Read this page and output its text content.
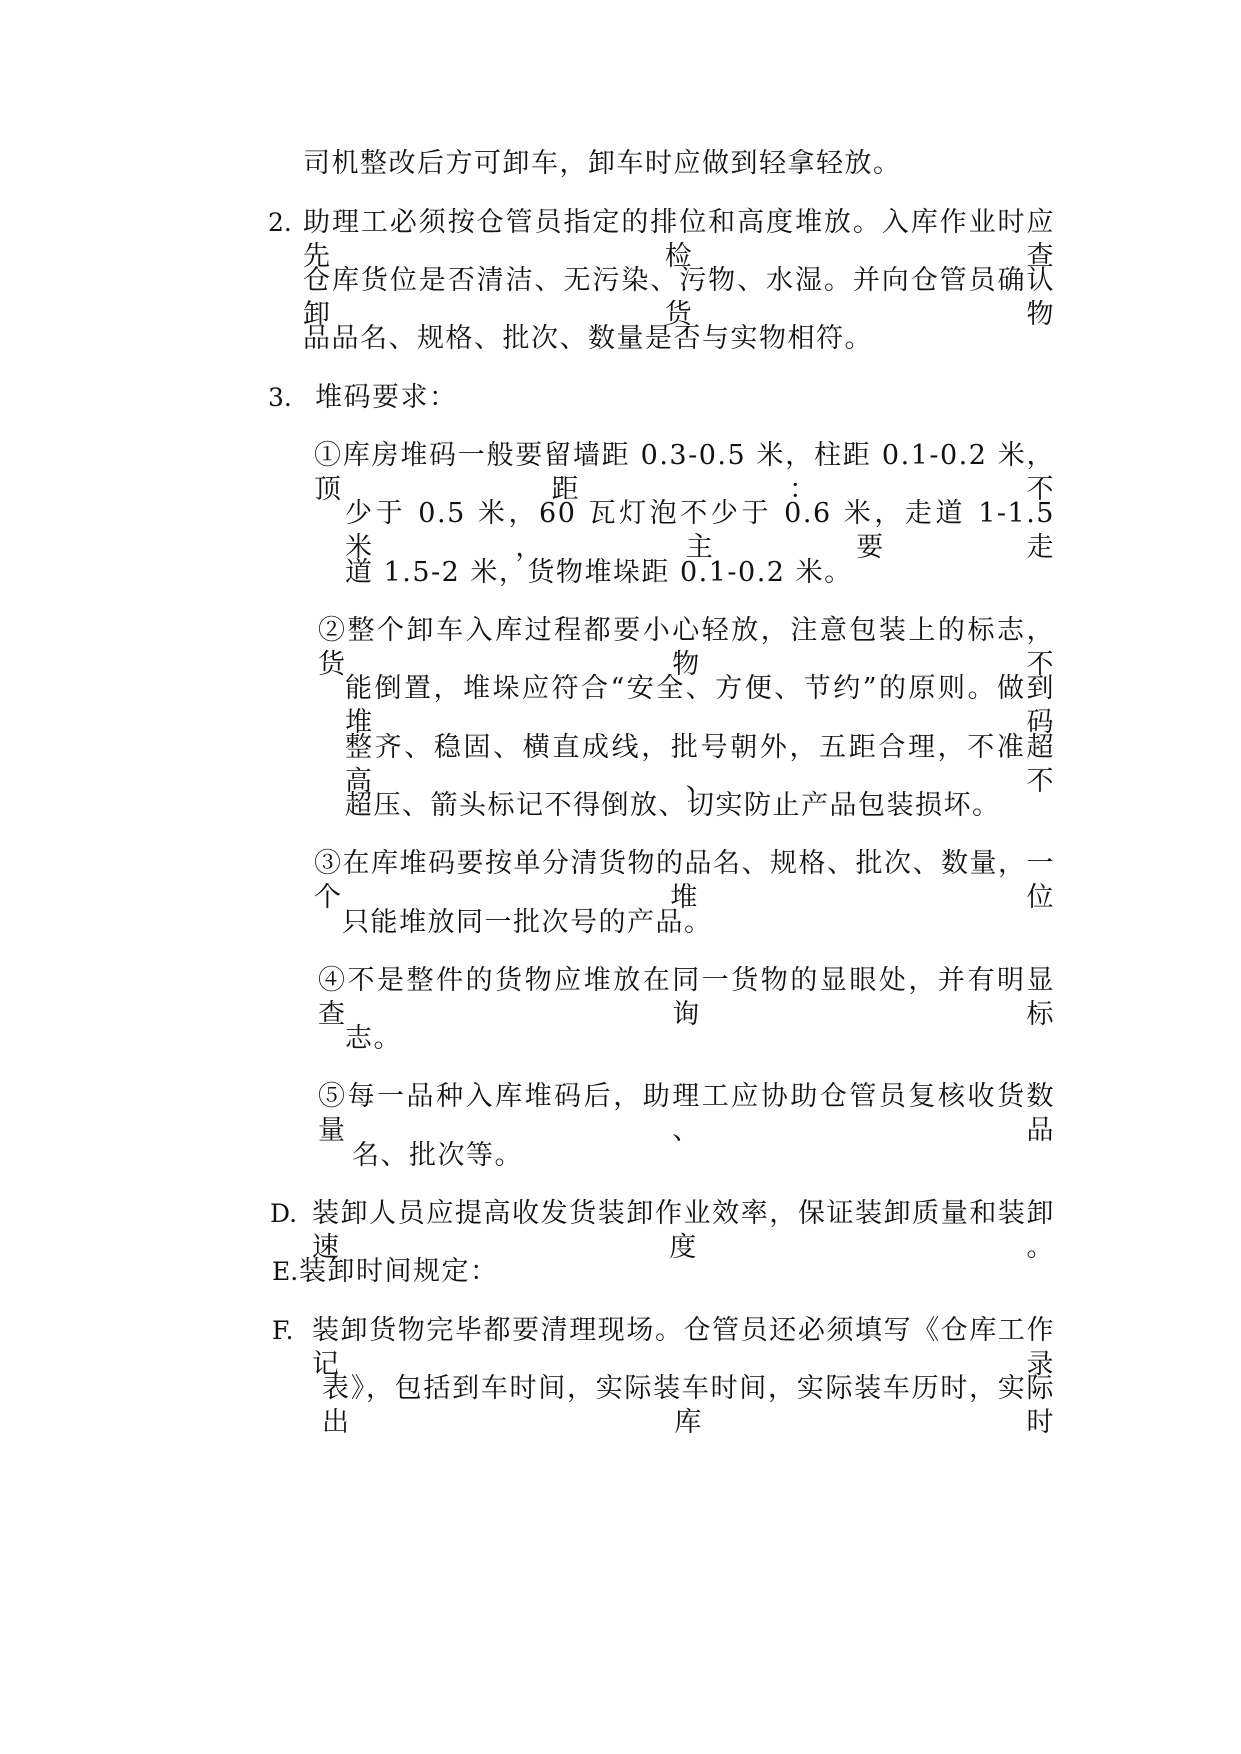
司机整改后方可卸车，卸车时应做到轻拿轻放。
2. 助理工必须按仓管员指定的排位和高度堆放。入库作业时应先检查
仓库货位是否清洁、无污染、污物、水湿。并向仓管员确认卸货物
品品名、规格、批次、数量是否与实物相符。
3. 堆码要求：
①库房堆码一般要留墙距 0.3-0.5 米，柱距 0.1-0.2 米，顶距：不
少于 0.5 米，60 瓦灯泡不少于 0.6 米，走道 1-1.5 米，主要走
道 1.5-2 米，货物堆垛距 0.1-0.2 米。
②整个卸车入库过程都要小心轻放，注意包装上的标志，货物不
能倒置，堆垛应符合“安全、方便、节约”的原则。做到堆码
整齐、稳固、横直成线，批号朝外，五距合理，不准超高、不
超压、箭头标记不得倒放、切实防止产品包装损坏。
③在库堆码要按单分清货物的品名、规格、批次、数量，一个堆位
只能堆放同一批次号的产品。
④不是整件的货物应堆放在同一货物的显眼处，并有明显查询标
志。
⑤每一品种入库堆码后，助理工应协助仓管员复核收货数量、品
名、批次等。
D. 装卸人员应提高收发货装卸作业效率，保证装卸质量和装卸速度。
E. 装卸时间规定：
F. 装卸货物完毕都要清理现场。仓管员还必须填写《仓库工作记录
表》，包括到车时间，实际装车时间，实际装车历时，实际出库时
